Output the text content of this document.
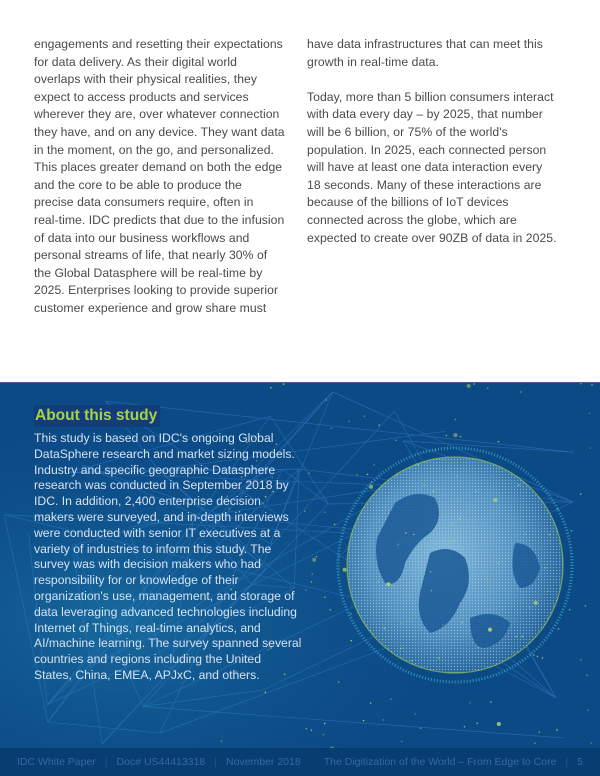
engagements and resetting their expectations
for data delivery. As their digital world
overlaps with their physical realities, they
expect to access products and services
wherever they are, over whatever connection
they have, and on any device. They want data
in the moment, on the go, and personalized.
This places greater demand on both the edge
and the core to be able to produce the
precise data consumers require, often in
real-time. IDC predicts that due to the infusion
of data into our business workflows and
personal streams of life, that nearly 30% of
the Global Datasphere will be real-time by
2025. Enterprises looking to provide superior
customer experience and grow share must

have data infrastructures that can meet this
growth in real-time data.

Today, more than 5 billion consumers interact
with data every day – by 2025, that number
will be 6 billion, or 75% of the world's
population. In 2025, each connected person
will have at least one data interaction every
18 seconds. Many of these interactions are
because of the billions of IoT devices
connected across the globe, which are
expected to create over 90ZB of data in 2025.

About this study
This study is based on IDC's ongoing Global
DataSphere research and market sizing models.
Industry and specific geographic Datasphere
research was conducted in September 2018 by
IDC. In addition, 2,400 enterprise decision
makers were surveyed, and in-depth interviews
were conducted with senior IT executives at a
variety of industries to inform this study. The
survey was with decision makers who had
responsibility for or knowledge of their
organization's use, management, and storage of
data leveraging advanced technologies including
Internet of Things, real-time analytics, and
AI/machine learning. The survey spanned several
countries and regions including the United
States, China, EMEA, APJxC, and others.
IDC White Paper | Doc# US44413318 | November 2018 The Digitization of the World – From Edge to Core | 5
